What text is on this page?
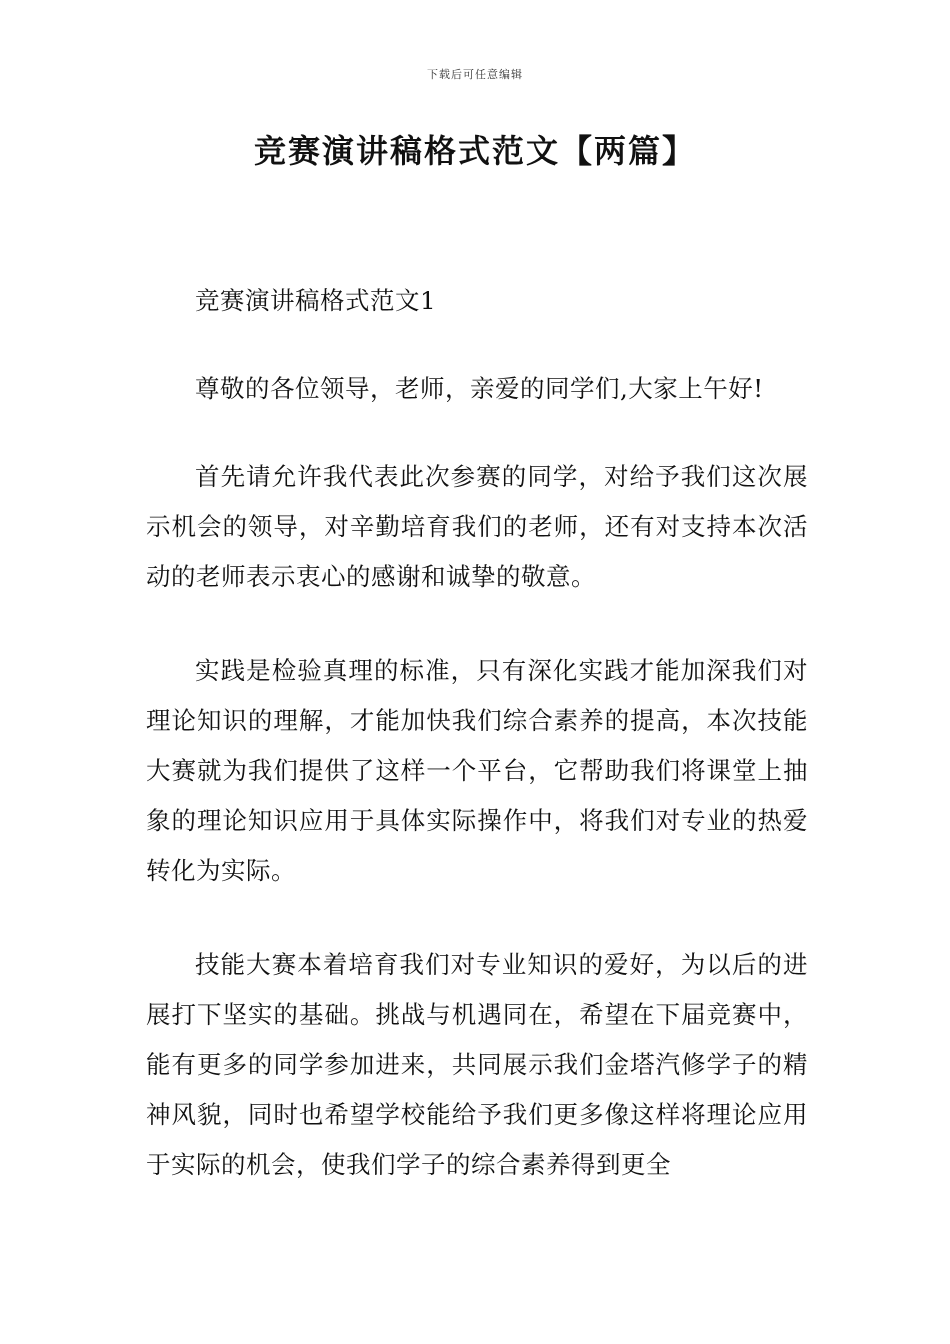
下载后可任意编辑
竞赛演讲稿格式范文【两篇】

竞赛演讲稿格式范文1

尊敬的各位领导，老师，亲爱的同学们,大家上午好!

首先请允许我代表此次参赛的同学，对给予我们这次展示机会的领导，对辛勤培育我们的老师，还有对支持本次活动的老师表示衷心的感谢和诚挚的敬意。

实践是检验真理的标准，只有深化实践才能加深我们对理论知识的理解，才能加快我们综合素养的提高，本次技能大赛就为我们提供了这样一个平台，它帮助我们将课堂上抽象的理论知识应用于具体实际操作中，将我们对专业的热爱转化为实际。

技能大赛本着培育我们对专业知识的爱好，为以后的进展打下坚实的基础。挑战与机遇同在，希望在下届竞赛中，能有更多的同学参加进来，共同展示我们金塔汽修学子的精神风貌，同时也希望学校能给予我们更多像这样将理论应用于实际的机会，使我们学子的综合素养得到更全
